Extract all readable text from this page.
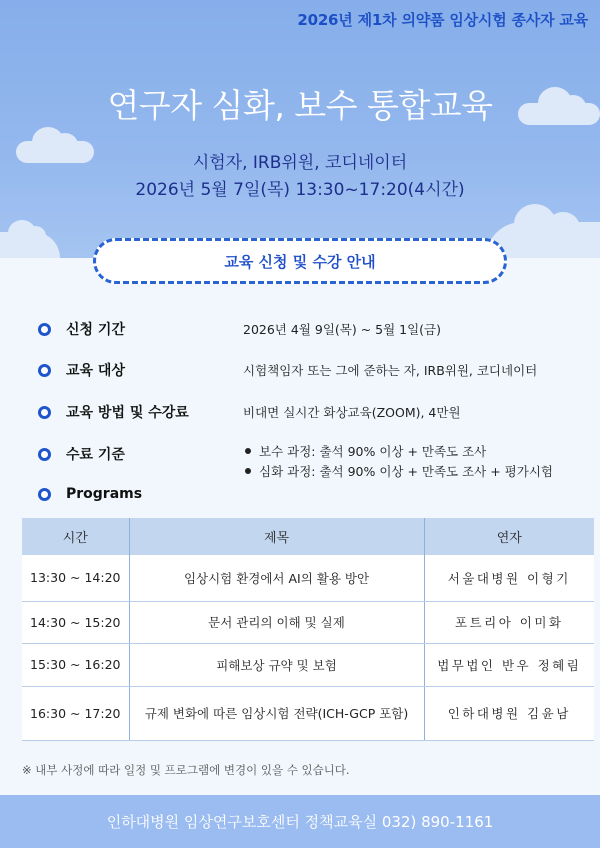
2026년 제1차 의약품 임상시험 종사자 교육
연구자 심화, 보수 통합교육
시험자, IRB위원, 코디네이터
2026년 5월 7일(목) 13:30~17:20(4시간)
교육 신청 및 수강 안내
신청 기간	2026년 4월 9일(목) ~ 5월 1일(금)
교육 대상	시험책임자 또는 그에 준하는 자, IRB위원, 코디네이터
교육 방법 및 수강료	비대면 실시간 화상교육(ZOOM), 4만원
수료 기준	보수 과정: 출석 90% 이상 + 만족도 조사
심화 과정: 출석 90% 이상 + 만족도 조사 + 평가시험
Programs
시간	제목	연자
13:30 ~ 14:20	임상시험 환경에서 AI의 활용 방안	서울대병원 이형기
14:30 ~ 15:20	문서 관리의 이해 및 실제	포트리아 이미화
15:30 ~ 16:20	피해보상 규약 및 보험	법무법인 반우 정혜림
16:30 ~ 17:20	규제 변화에 따른 임상시험 전략(ICH-GCP 포함)	인하대병원 김윤남
※ 내부 사정에 따라 일정 및 프로그램에 변경이 있을 수 있습니다.
인하대병원 임상연구보호센터 정책교육실 032) 890-1161
